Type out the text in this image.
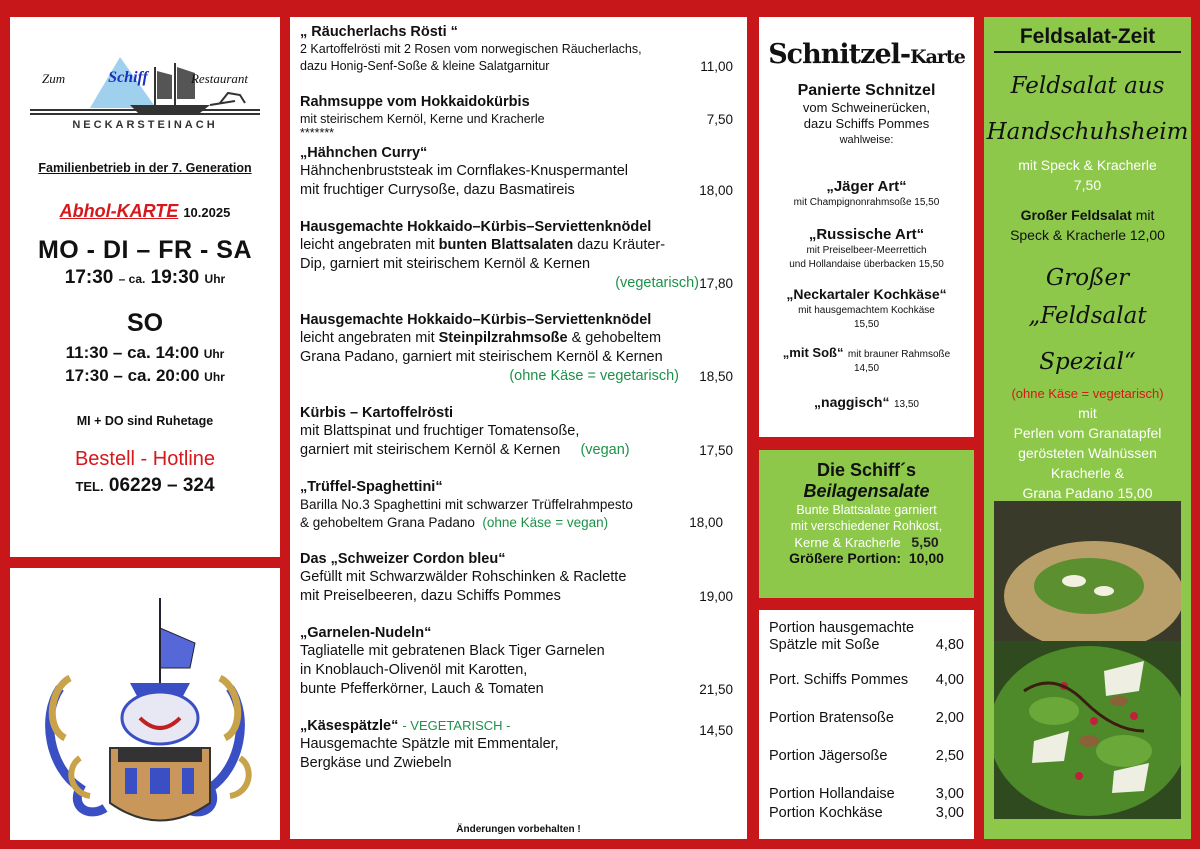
Zum	Schiff	Restaurant
NECKARSTEINACH
Familienbetrieb in der 7. Generation
Abhol-KARTE 10.2025
MO - DI – FR - SA
17:30 – ca. 19:30 Uhr
SO
11:30 – ca. 14:00 Uhr
17:30 – ca. 20:00 Uhr
MI + DO sind Ruhetage
Bestell - Hotline
TEL. 06229 – 324
„ Räucherlachs Rösti “

2 Kartoffelrösti mit 2 Rosen vom norwegischen Räucherlachs,

dazu Honig-Senf-Soße & kleine Salatgarnitur	11,00

Rahmsuppe vom Hokkaidokürbis

mit steirischem Kernöl, Kerne und Kracherle	7,50

*******

„Hähnchen Curry“

Hähnchenbruststeak im Cornflakes-Knuspermantel

mit fruchtiger Currysoße, dazu Basmatireis	18,00

Hausgemachte Hokkaido–Kürbis–Serviettenknödel

leicht angebraten mit bunten Blattsalaten dazu Kräuter-

Dip, garniert mit steirischem Kernöl & Kernen

(vegetarisch) 17,80

Hausgemachte Hokkaido–Kürbis–Serviettenknödel

leicht angebraten mit Steinpilzrahmsoße & gehobeltem

Grana Padano, garniert mit steirischem Kernöl & Kernen

(ohne Käse = vegetarisch) 18,50

Kürbis – Kartoffelrösti

mit Blattspinat und fruchtiger Tomatensoße,

garniert mit steirischem Kernöl & Kernen (vegan)	17,50

„Trüffel-Spaghettini“

Barilla No.3 Spaghettini mit schwarzer Trüffelrahmpesto

& gehobeltem Grana Padano (ohne Käse = vegan)	18,00

Das „Schweizer Cordon bleu“

Gefüllt mit Schwarzwälder Rohschinken & Raclette

mit Preiselbeeren, dazu Schiffs Pommes	19,00

„Garnelen-Nudeln“

Tagliatelle mit gebratenen Black Tiger Garnelen

in Knoblauch-Olivenöl mit Karotten,

bunte Pfefferkörner, Lauch & Tomaten	21,50

„Käsespätzle“ - VEGETARISCH -

Hausgemachte Spätzle mit Emmentaler,

Bergkäse und Zwiebeln
14,50

Änderungen vorbehalten !
Schnitzel-Karte
Panierte Schnitzel
vom Schweinerücken,
dazu Schiffs Pommes
wahlweise:
„Jäger Art“
mit Champignonrahmsoße 15,50
„Russische Art“
mit Preiselbeer-Meerrettich
und Hollandaise überbacken 15,50
„Neckartaler Kochkäse“
mit hausgemachtem Kochkäse
15,50
„mit Soß“ mit brauner Rahmsoße
14,50
„naggisch“ 13,50
Die Schiff´s
Beilagensalate
Bunte Blattsalate garniert
mit verschiedener Rohkost,
Kerne & Kracherle 5,50
Größere Portion: 10,00
Portion hausgemachte
Spätzle mit Soße	4,80
Port. Schiffs Pommes 4,00
Portion Bratensoße	2,00
Portion Jägersoße	2,50
Portion Hollandaise	3,00
Portion Kochkäse	3,00
Feldsalat-Zeit
Feldsalat aus
Handschuhsheim
mit Speck & Kracherle
7,50
Großer Feldsalat mit
Speck & Kracherle 12,00
Großer
„Feldsalat Spezial“
(ohne Käse = vegetarisch)
mit
Perlen vom Granatapfel
gerösteten Walnüssen
Kracherle &
Grana Padano 15,00
